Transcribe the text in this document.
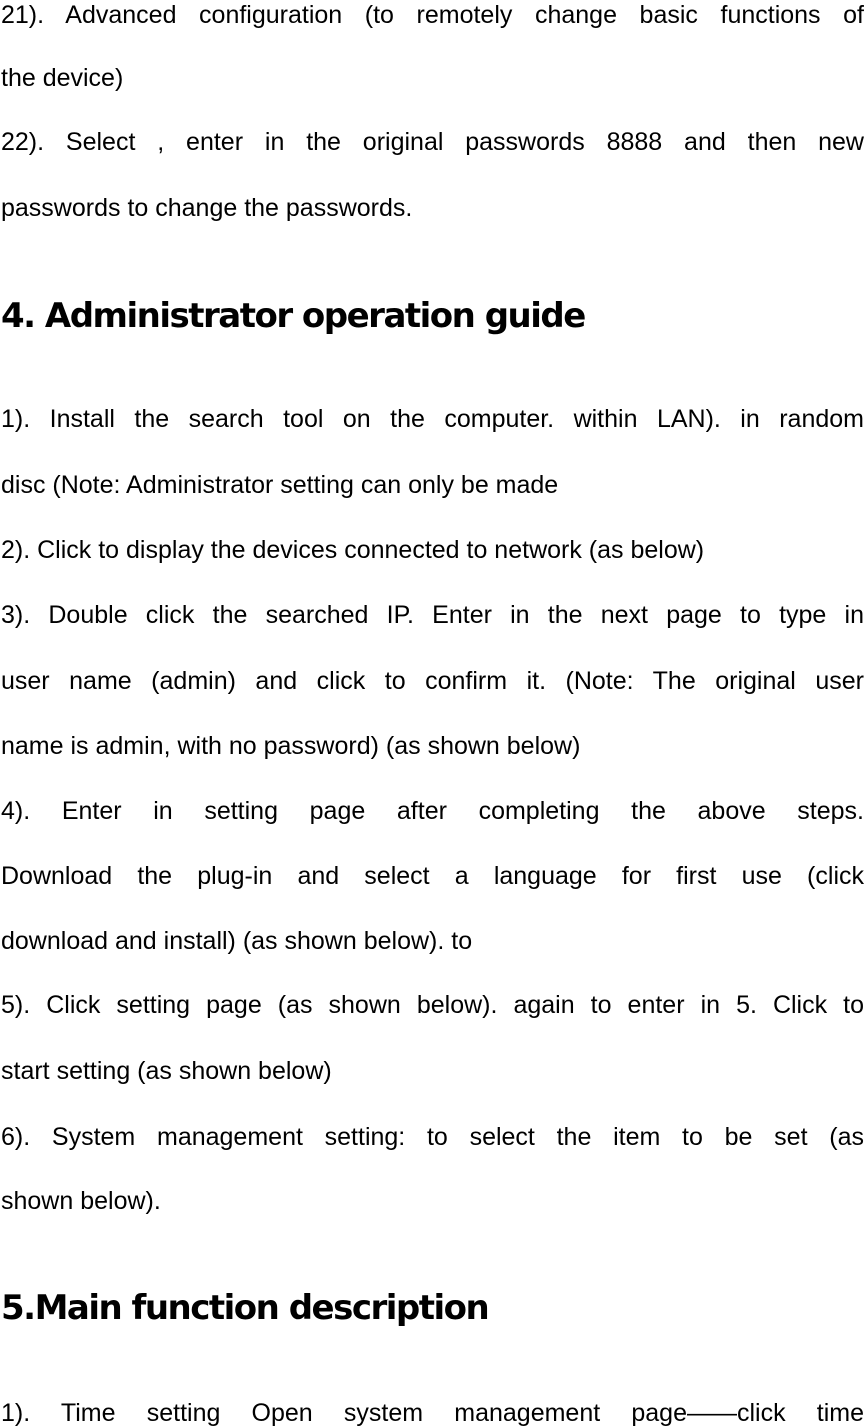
21). Advanced configuration (to remotely change basic functions of

the device)

22). Select , enter in the original passwords 8888 and then new

passwords to change the passwords.

4. Administrator operation guide

1). Install the search tool on the computer. within LAN). in random

disc (Note: Administrator setting can only be made

2). Click to display the devices connected to network (as below)

3). Double click the searched IP. Enter in the next page to type in

user name (admin) and click to confirm it. (Note: The original user

name is admin, with no password) (as shown below)

4). Enter in setting page after completing the above steps.

Download the plug-in and select a language for first use (click

download and install) (as shown below). to

5). Click setting page (as shown below). again to enter in 5. Click to

start setting (as shown below)

6). System management setting: to select the item to be set (as

shown below).

5.Main function description

1). Time setting Open system management page——click time
